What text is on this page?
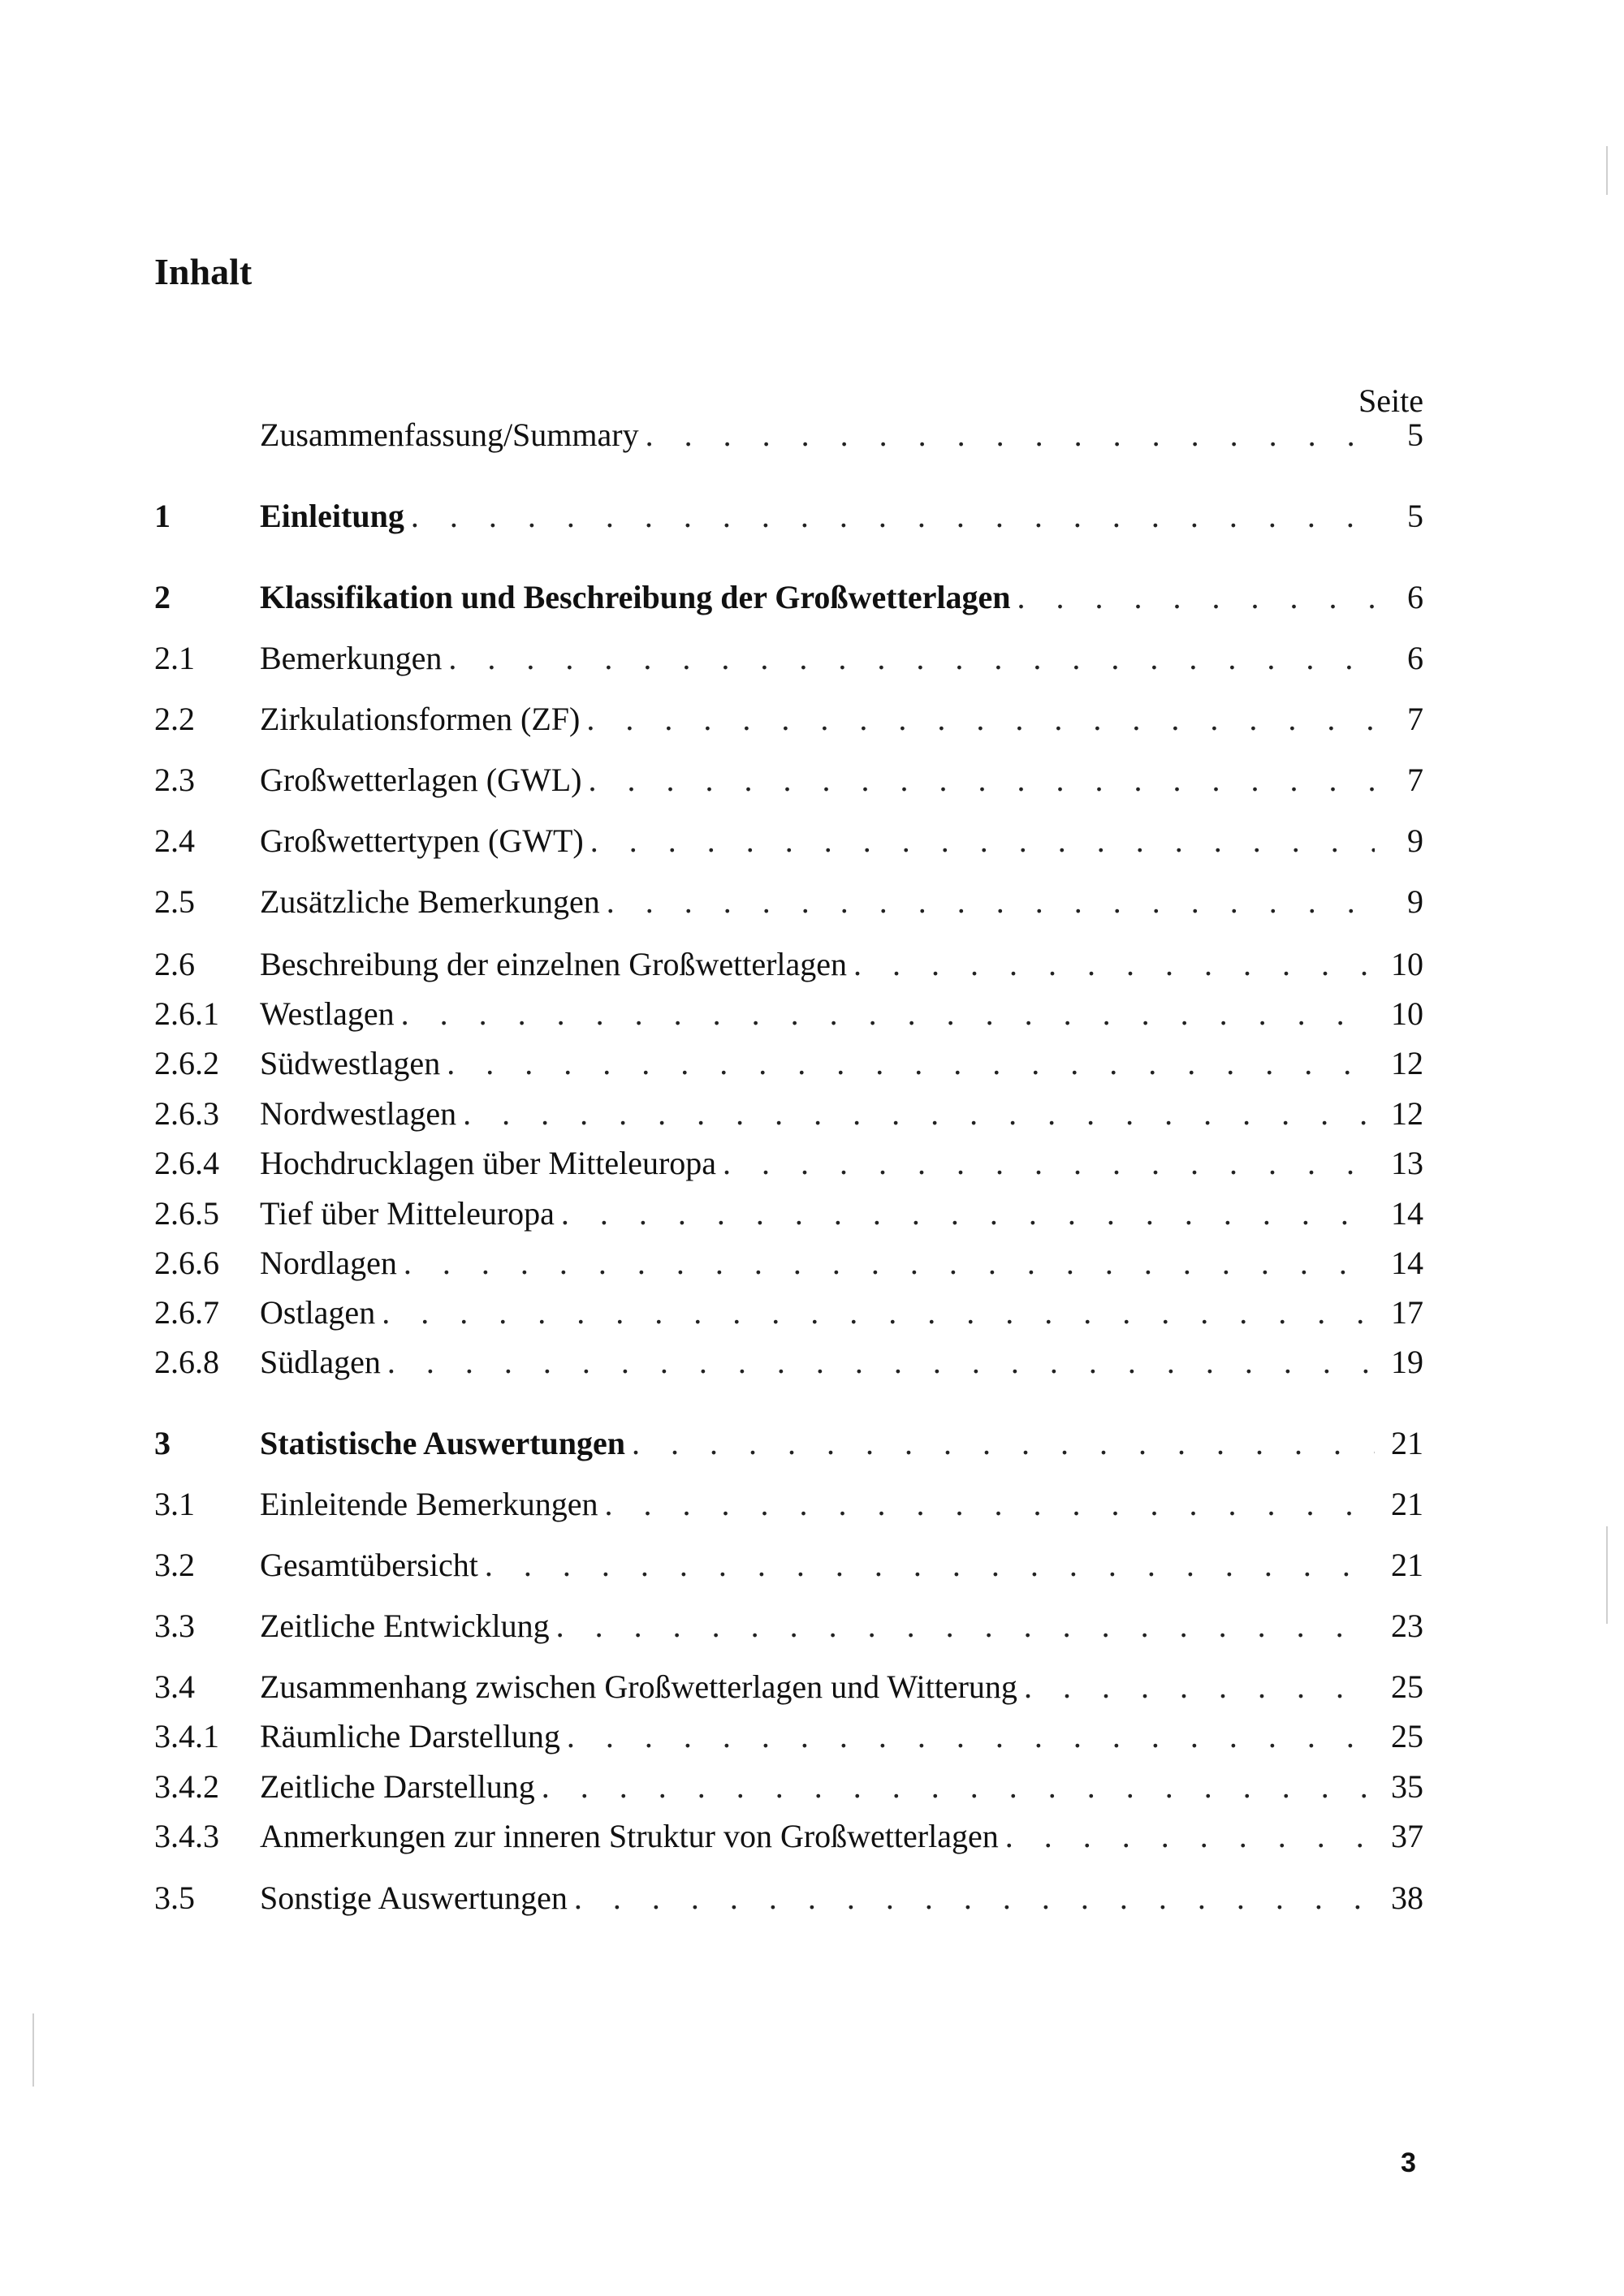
Inhalt
Seite
Zusammenfassung/Summary . . .	5
1	Einleitung . . .	5
2	Klassifikation und Beschreibung der Großwetterlagen . . .	6
2.1	Bemerkungen . . .	6
2.2	Zirkulationsformen (ZF) . . .	7
2.3	Großwetterlagen (GWL) . . .	7
2.4	Großwettertypen (GWT) . . .	9
2.5	Zusätzliche Bemerkungen . . .	9
2.6	Beschreibung der einzelnen Großwetterlagen . . .	10
2.6.1	Westlagen . . .	10
2.6.2	Südwestlagen . . .	12
2.6.3	Nordwestlagen . . .	12
2.6.4	Hochdrucklagen über Mitteleuropa . . .	13
2.6.5	Tief über Mitteleuropa . . .	14
2.6.6	Nordlagen . . .	14
2.6.7	Ostlagen . . .	17
2.6.8	Südlagen . . .	19
3	Statistische Auswertungen . . .	21
3.1	Einleitende Bemerkungen . . .	21
3.2	Gesamtübersicht . . .	21
3.3	Zeitliche Entwicklung . . .	23
3.4	Zusammenhang zwischen Großwetterlagen und Witterung . . .	25
3.4.1	Räumliche Darstellung . . .	25
3.4.2	Zeitliche Darstellung . . .	35
3.4.3	Anmerkungen zur inneren Struktur von Großwetterlagen . . .	37
3.5	Sonstige Auswertungen . . .	38
3
